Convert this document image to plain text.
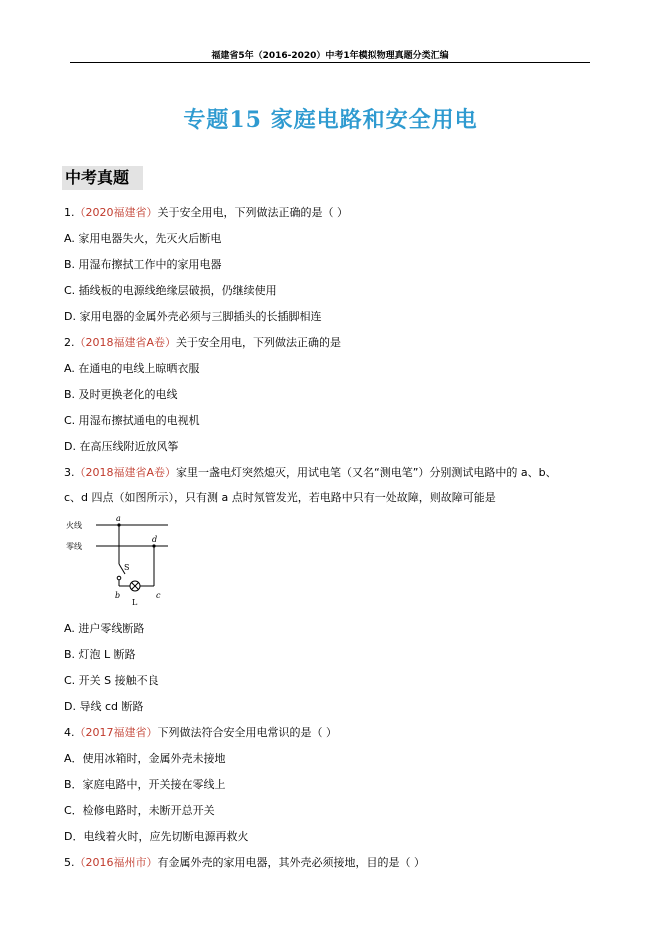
福建省5年（2016-2020）中考1年模拟物理真题分类汇编
专题15 家庭电路和安全用电
中考真题
1.（2020福建省）关于安全用电，下列做法正确的是（ ）
A. 家用电器失火，先灭火后断电
B. 用湿布擦拭工作中的家用电器
C. 插线板的电源线绝缘层破损，仍继续使用
D. 家用电器的金属外壳必须与三脚插头的长插脚相连
2.（2018福建省A卷）关于安全用电，下列做法正确的是
A. 在通电的电线上晾晒衣服
B. 及时更换老化的电线
C. 用湿布擦拭通电的电视机
D. 在高压线附近放风筝
3.（2018福建省A卷）家里一盏电灯突然熄灭，用试电笔（又名“测电笔”）分别测试电路中的 a、b、
c、d 四点（如图所示），只有测 a 点时氖管发光，若电路中只有一处故障，则故障可能是
火线
零线
a
d
S
b	c
L
A. 进户零线断路
B. 灯泡 L 断路
C. 开关 S 接触不良
D. 导线 cd 断路
4.（2017福建省）下列做法符合安全用电常识的是（ ）
A．使用冰箱时，金属外壳未接地
B．家庭电路中，开关接在零线上
C．检修电路时，未断开总开关
D．电线着火时，应先切断电源再救火
5.（2016福州市）有金属外壳的家用电器，其外壳必须接地，目的是（ ）
